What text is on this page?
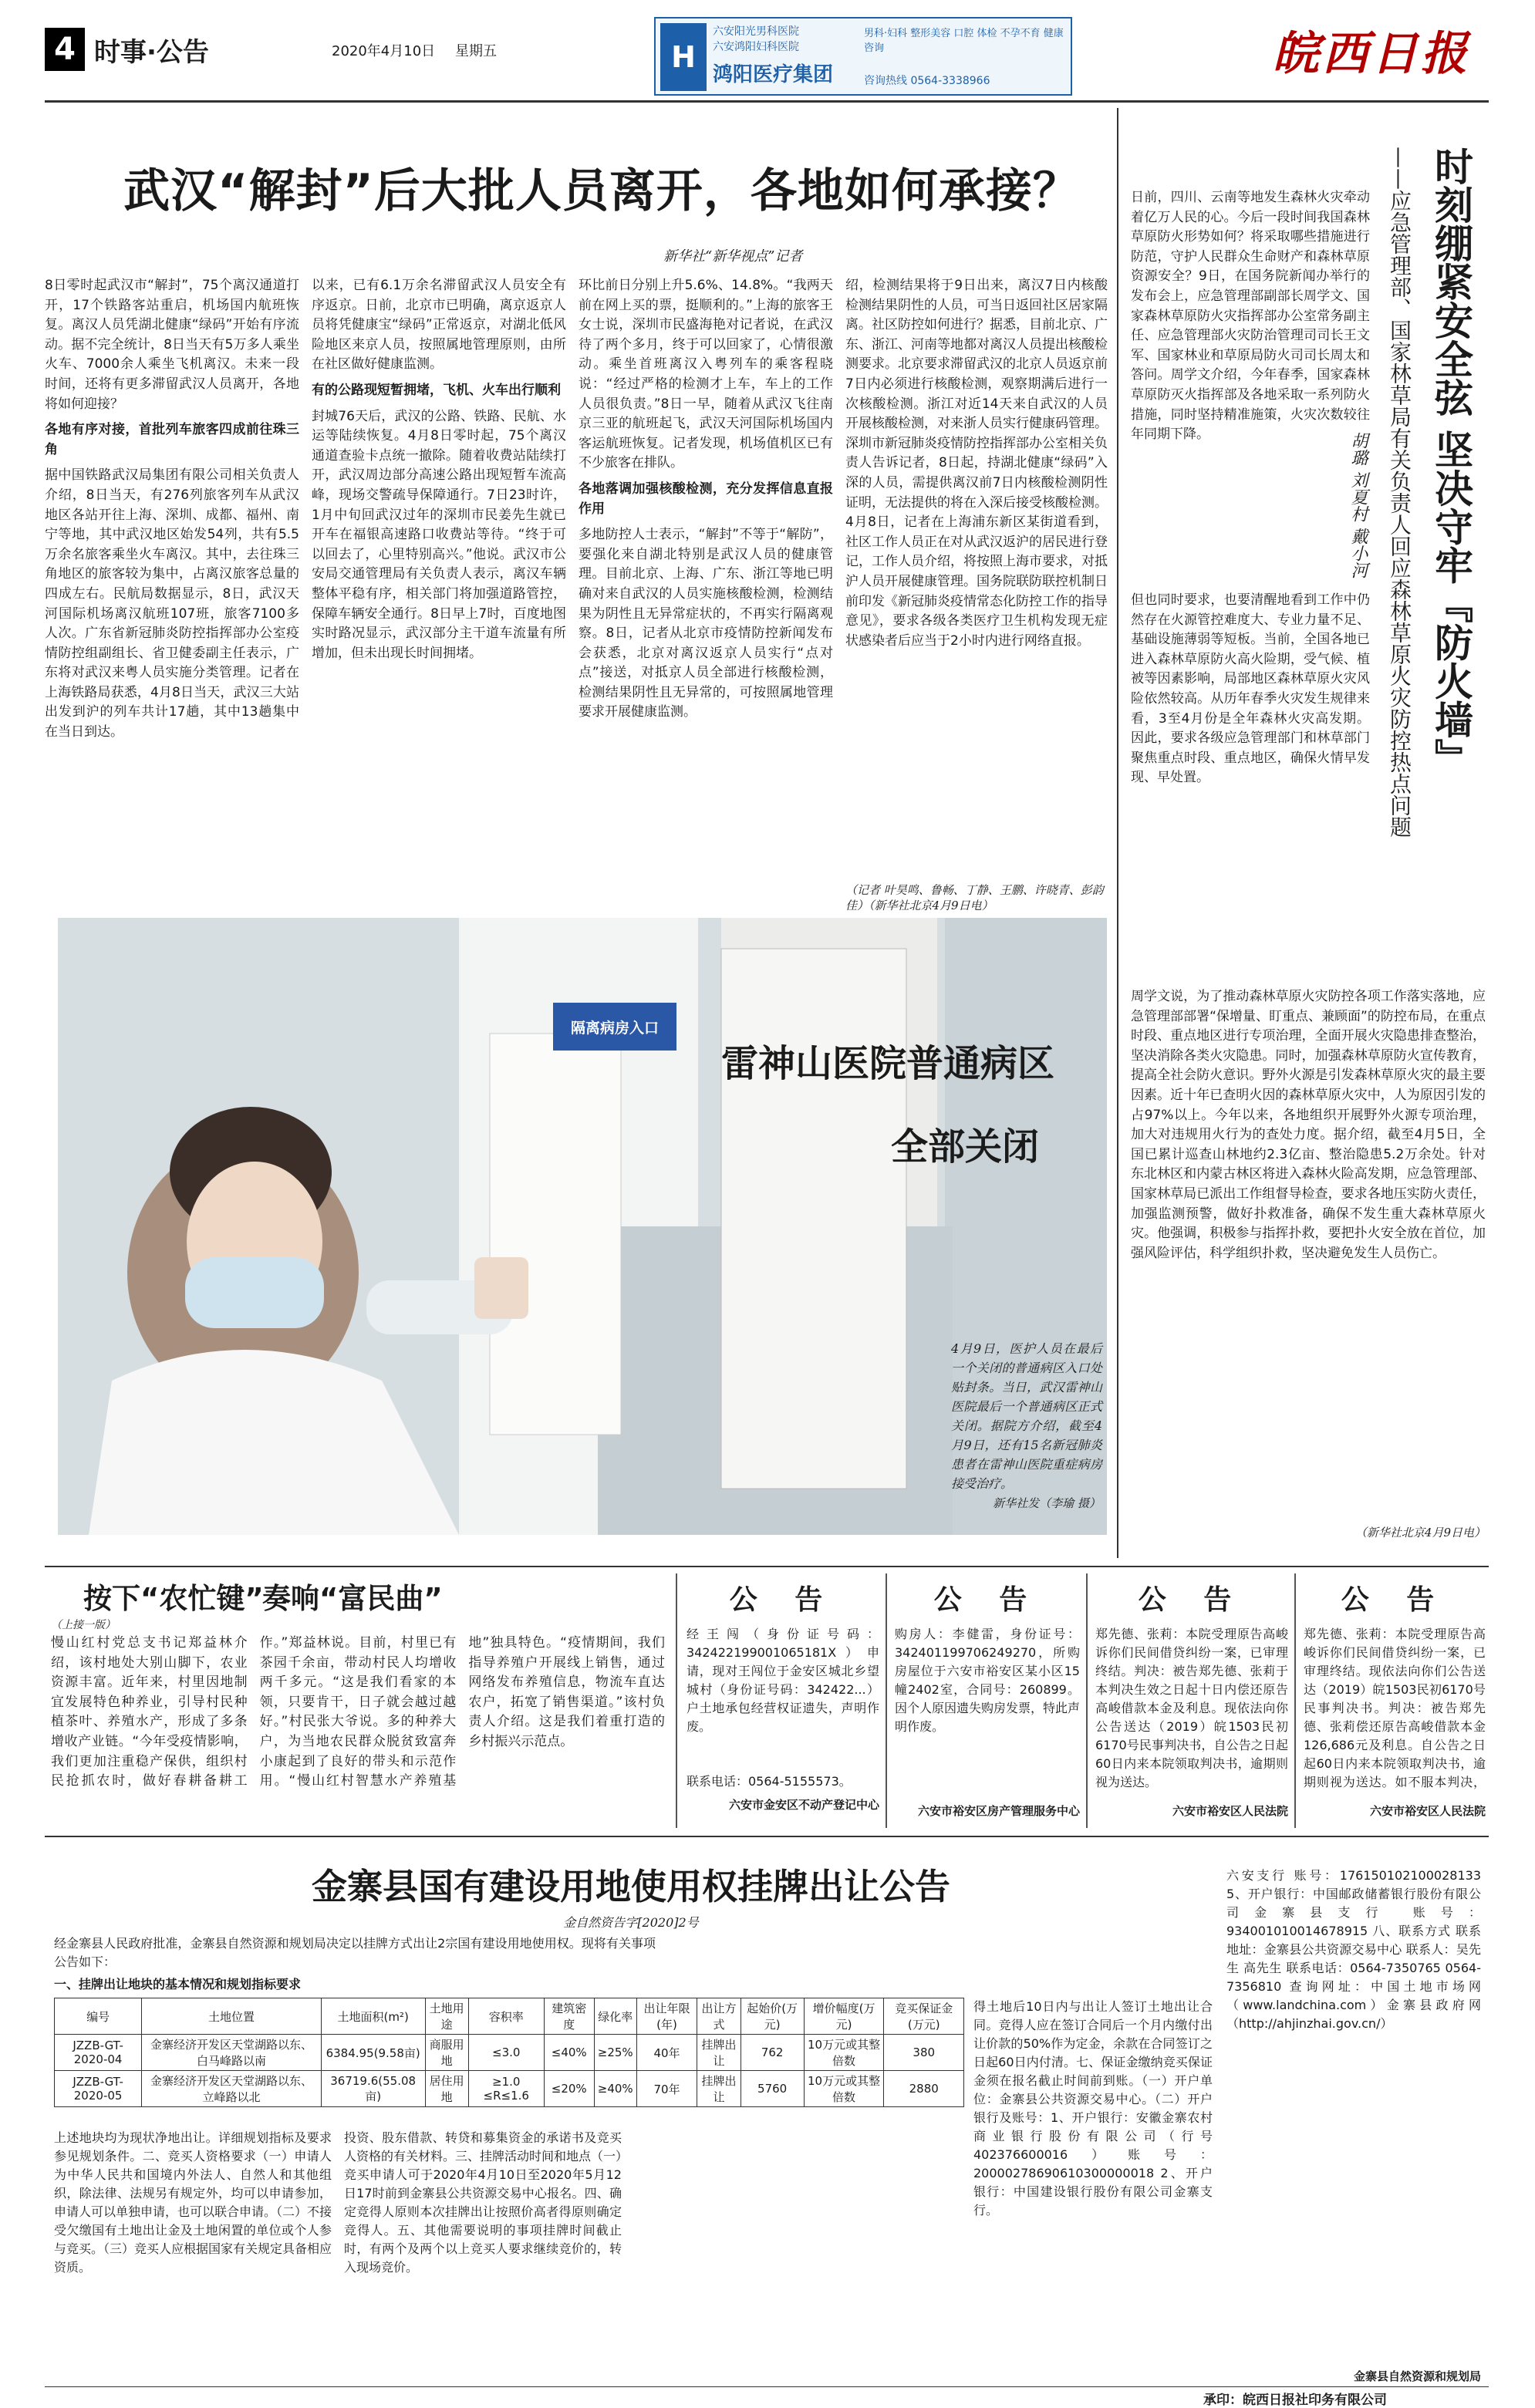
4 时事·公告	2020年4月10日 星期五	H
六安阳光男科医院
六安鸿阳妇科医院
鸿阳医疗集团
男科·妇科 整形美容 口腔 体检 不孕不育 健康咨询
咨询热线 0564-3338966	皖西日报
武汉“解封”后大批人员离开，各地如何承接？
新华社“新华视点”记者
8日零时起武汉市“解封”，75个离汉通道打开，17个铁路客站重启，机场国内航班恢复。离汉人员凭湖北健康“绿码”开始有序流动。据不完全统计，8日当天有5万多人乘坐火车、7000余人乘坐飞机离汉。未来一段时间，还将有更多滞留武汉人员离开，各地将如何迎接？
各地有序对接，首批列车旅客四成前往珠三角
据中国铁路武汉局集团有限公司相关负责人介绍，8日当天，有276列旅客列车从武汉地区各站开往上海、深圳、成都、福州、南宁等地，其中武汉地区始发54列，共有5.5万余名旅客乘坐火车离汉。其中，去往珠三角地区的旅客较为集中，占离汉旅客总量的四成左右。民航局数据显示，8日，武汉天河国际机场离汉航班107班，旅客7100多人次。广东省新冠肺炎防控指挥部办公室疫情防控组副组长、省卫健委副主任表示，广东将对武汉来粤人员实施分类管理。记者在上海铁路局获悉，4月8日当天，武汉三大站出发到沪的列车共计17趟，其中13趟集中在当日到达。
以来，已有6.1万余名滞留武汉人员安全有序返京。日前，北京市已明确，离京返京人员将凭健康宝“绿码”正常返京，对湖北低风险地区来京人员，按照属地管理原则，由所在社区做好健康监测。
有的公路现短暂拥堵，飞机、火车出行顺利
封城76天后，武汉的公路、铁路、民航、水运等陆续恢复。4月8日零时起，75个离汉通道查验卡点统一撤除。随着收费站陆续打开，武汉周边部分高速公路出现短暂车流高峰，现场交警疏导保障通行。7日23时许，1月中旬回武汉过年的深圳市民姜先生就已开车在福银高速路口收费站等待。“终于可以回去了，心里特别高兴。”他说。武汉市公安局交通管理局有关负责人表示，离汉车辆整体平稳有序，相关部门将加强道路管控，保障车辆安全通行。8日早上7时，百度地图实时路况显示，武汉部分主干道车流量有所增加，但未出现长时间拥堵。
环比前日分别上升5.6%、14.8%。“我两天前在网上买的票，挺顺利的。”上海的旅客王女士说，深圳市民盛海艳对记者说，在武汉待了两个多月，终于可以回家了，心情很激动。乘坐首班离汉入粤列车的乘客程晓说：“经过严格的检测才上车，车上的工作人员很负责。”8日一早，随着从武汉飞往南京三亚的航班起飞，武汉天河国际机场国内客运航班恢复。记者发现，机场值机区已有不少旅客在排队。
各地落调加强核酸检测，充分发挥信息直报作用
多地防控人士表示，“解封”不等于“解防”，要强化来自湖北特别是武汉人员的健康管理。目前北京、上海、广东、浙江等地已明确对来自武汉的人员实施核酸检测，检测结果为阴性且无异常症状的，不再实行隔离观察。8日，记者从北京市疫情防控新闻发布会获悉，北京对离汉返京人员实行“点对点”接送，对抵京人员全部进行核酸检测，检测结果阴性且无异常的，可按照属地管理要求开展健康监测。
绍，检测结果将于9日出来，离汉7日内核酸检测结果阴性的人员，可当日返回社区居家隔离。社区防控如何进行？据悉，目前北京、广东、浙江、河南等地都对离汉人员提出核酸检测要求。北京要求滞留武汉的北京人员返京前7日内必须进行核酸检测，观察期满后进行一次核酸检测。浙江对近14天来自武汉的人员开展核酸检测，对来浙人员实行健康码管理。深圳市新冠肺炎疫情防控指挥部办公室相关负责人告诉记者，8日起，持湖北健康“绿码”入深的人员，需提供离汉前7日内核酸检测阴性证明，无法提供的将在入深后接受核酸检测。4月8日，记者在上海浦东新区某街道看到，社区工作人员正在对从武汉返沪的居民进行登记，工作人员介绍，将按照上海市要求，对抵沪人员开展健康管理。国务院联防联控机制日前印发《新冠肺炎疫情常态化防控工作的指导意见》，要求各级各类医疗卫生机构发现无症状感染者后应当于2小时内进行网络直报。
（记者 叶昊鸣、鲁畅、丁静、王鹏、许晓青、彭韵佳）（新华社北京4月9日电）
隔离病房入口
雷神山医院普通病区
全部关闭
4月9日，医护人员在最后一个关闭的普通病区入口处贴封条。当日，武汉雷神山医院最后一个普通病区正式关闭。据院方介绍，截至4月9日，还有15名新冠肺炎患者在雷神山医院重症病房接受治疗。
新华社发（李瑜 摄）
时刻绷紧安全弦 坚决守牢『防火墙』
——应急管理部、国家林草局有关负责人回应森林草原火灾防控热点问题
胡璐 刘夏村 戴小河
日前，四川、云南等地发生森林火灾牵动着亿万人民的心。今后一段时间我国森林草原防火形势如何？将采取哪些措施进行防范，守护人民群众生命财产和森林草原资源安全？9日，在国务院新闻办举行的发布会上，应急管理部副部长周学文、国家森林草原防火灾指挥部办公室常务副主任、应急管理部火灾防治管理司司长王文军、国家林业和草原局防火司司长周太和答问。周学文介绍，今年春季，国家森林草原防灭火指挥部及各地采取一系列防火措施，同时坚持精准施策，火灾次数较往年同期下降。
但也同时要求，也要清醒地看到工作中仍然存在火源管控难度大、专业力量不足、基础设施薄弱等短板。当前，全国各地已进入森林草原防火高火险期，受气候、植被等因素影响，局部地区森林草原火灾风险依然较高。从历年春季火灾发生规律来看，3至4月份是全年森林火灾高发期。因此，要求各级应急管理部门和林草部门聚焦重点时段、重点地区，确保火情早发现、早处置。
周学文说，为了推动森林草原火灾防控各项工作落实落地，应急管理部部署“保增量、盯重点、兼顾面”的防控布局，在重点时段、重点地区进行专项治理，全面开展火灾隐患排查整治，坚决消除各类火灾隐患。同时，加强森林草原防火宣传教育，提高全社会防火意识。野外火源是引发森林草原火灾的最主要因素。近十年已查明火因的森林草原火灾中，人为原因引发的占97%以上。今年以来，各地组织开展野外火源专项治理，加大对违规用火行为的查处力度。据介绍，截至4月5日，全国已累计巡查山林地约2.3亿亩、整治隐患5.2万余处。针对东北林区和内蒙古林区将进入森林火险高发期，应急管理部、国家林草局已派出工作组督导检查，要求各地压实防火责任，加强监测预警，做好扑救准备，确保不发生重大森林草原火灾。他强调，积极参与指挥扑救，要把扑火安全放在首位，加强风险评估，科学组织扑救，坚决避免发生人员伤亡。
（新华社北京4月9日电）
按下“农忙键”
奏响“富民曲”
（上接一版）
慢山红村党总支书记郑益林介绍，该村地处大别山脚下，农业资源丰富。近年来，村里因地制宜发展特色种养业，引导村民种植茶叶、养殖水产，形成了多条增收产业链。“今年受疫情影响，我们更加注重稳产保供，组织村民抢抓农时，做好春耕备耕工作。”郑益林说。目前，村里已有茶园千余亩，带动村民人均增收两千多元。“这是我们看家的本领，只要肯干，日子就会越过越好。”村民张大爷说。多的种养大户，为当地农民群众脱贫致富奔小康起到了良好的带头和示范作用。“慢山红村智慧水产养殖基地”独具特色。“疫情期间，我们指导养殖户开展线上销售，通过网络发布养殖信息，物流车直达农户，拓宽了销售渠道。”该村负责人介绍。这是我们着重打造的乡村振兴示范点。
公 告
经王闯（身份证号码：342422199001065181X）申请，现对王闯位于金安区城北乡望城村（身份证号码：342422...）户土地承包经营权证遗失，声明作废。
联系电话：0564-5155573。
六安市金安区不动产登记中心
公 告
购房人：李健雷，身份证号：342401199706249270，所购房屋位于六安市裕安区某小区15幢2402室，合同号：260899。因个人原因遗失购房发票，特此声明作废。
六安市裕安区房产管理服务中心
公 告
郑先德、张莉：本院受理原告高峻诉你们民间借贷纠纷一案，已审理终结。判决：被告郑先德、张莉于本判决生效之日起十日内偿还原告高峻借款本金及利息。现依法向你公告送达（2019）皖1503民初6170号民事判决书，自公告之日起60日内来本院领取判决书，逾期则视为送达。
六安市裕安区人民法院
公 告
郑先德、张莉：本院受理原告高峻诉你们民间借贷纠纷一案，已审理终结。现依法向你们公告送达（2019）皖1503民初6170号民事判决书。判决：被告郑先德、张莉偿还原告高峻借款本金126,686元及利息。自公告之日起60日内来本院领取判决书，逾期则视为送达。如不服本判决，
六安市裕安区人民法院
金寨县国有建设用地使用权挂牌出让公告
金自然资告字[2020]2号
经金寨县人民政府批准，金寨县自然资源和规划局决定以挂牌方式出让2宗国有建设用地使用权。现将有关事项公告如下：
一、挂牌出让地块的基本情况和规划指标要求
编号	土地位置	土地面积(m²)	土地用途	容积率	建筑密度	绿化率	出让年限(年)	出让方式	起始价(万元)	增价幅度(万元)	竞买保证金(万元)
JZZB-GT-2020-04	金寨经济开发区天堂湖路以东、白马峰路以南	6384.95(9.58亩)	商服用地	≤3.0	≤40%	≥25%	40年	挂牌出让	762	10万元或其整倍数	380
JZZB-GT-2020-05	金寨经济开发区天堂湖路以东、立峰路以北	36719.6(55.08亩)	居住用地	≥1.0 ≤R≤1.6	≤20%	≥40%	70年	挂牌出让	5760	10万元或其整倍数	2880
上述地块均为现状净地出让。详细规划指标及要求参见规划条件。二、竞买人资格要求（一）申请人为中华人民共和国境内外法人、自然人和其他组织，除法律、法规另有规定外，均可以申请参加，申请人可以单独申请，也可以联合申请。（二）不接受欠缴国有土地出让金及土地闲置的单位或个人参与竞买。（三）竞买人应根据国家有关规定具备相应资质。
投资、股东借款、转贷和募集资金的承诺书及竞买人资格的有关材料。三、挂牌活动时间和地点（一）竞买申请人可于2020年4月10日至2020年5月12日17时前到金寨县公共资源交易中心报名。四、确定竞得人原则本次挂牌出让按照价高者得原则确定竞得人。五、其他需要说明的事项挂牌时间截止时，有两个及两个以上竞买人要求继续竞价的，转入现场竞价。
得土地后10日内与出让人签订土地出让合同。竞得人应在签订合同后一个月内缴付出让价款的50%作为定金，余款在合同签订之日起60日内付清。七、保证金缴纳竞买保证金须在报名截止时间前到账。（一）开户单位：金寨县公共资源交易中心。（二）开户银行及账号：1、开户银行：安徽金寨农村商业银行股份有限公司（行号402376600016）账号：20000278690610300000018 2、开户银行：中国建设银行股份有限公司金寨支行。
六安支行 账号：176150102100028133 5、开户银行：中国邮政储蓄银行股份有限公司金寨县支行 账号：934001010014678915 八、联系方式 联系地址：金寨县公共资源交易中心 联系人：吴先生 高先生 联系电话：0564-7350765 0564-7356810 查询网址：中国土地市场网（www.landchina.com）金寨县政府网（http://ahjinzhai.gov.cn/）
金寨县自然资源和规划局
承印：皖西日报社印务有限公司
